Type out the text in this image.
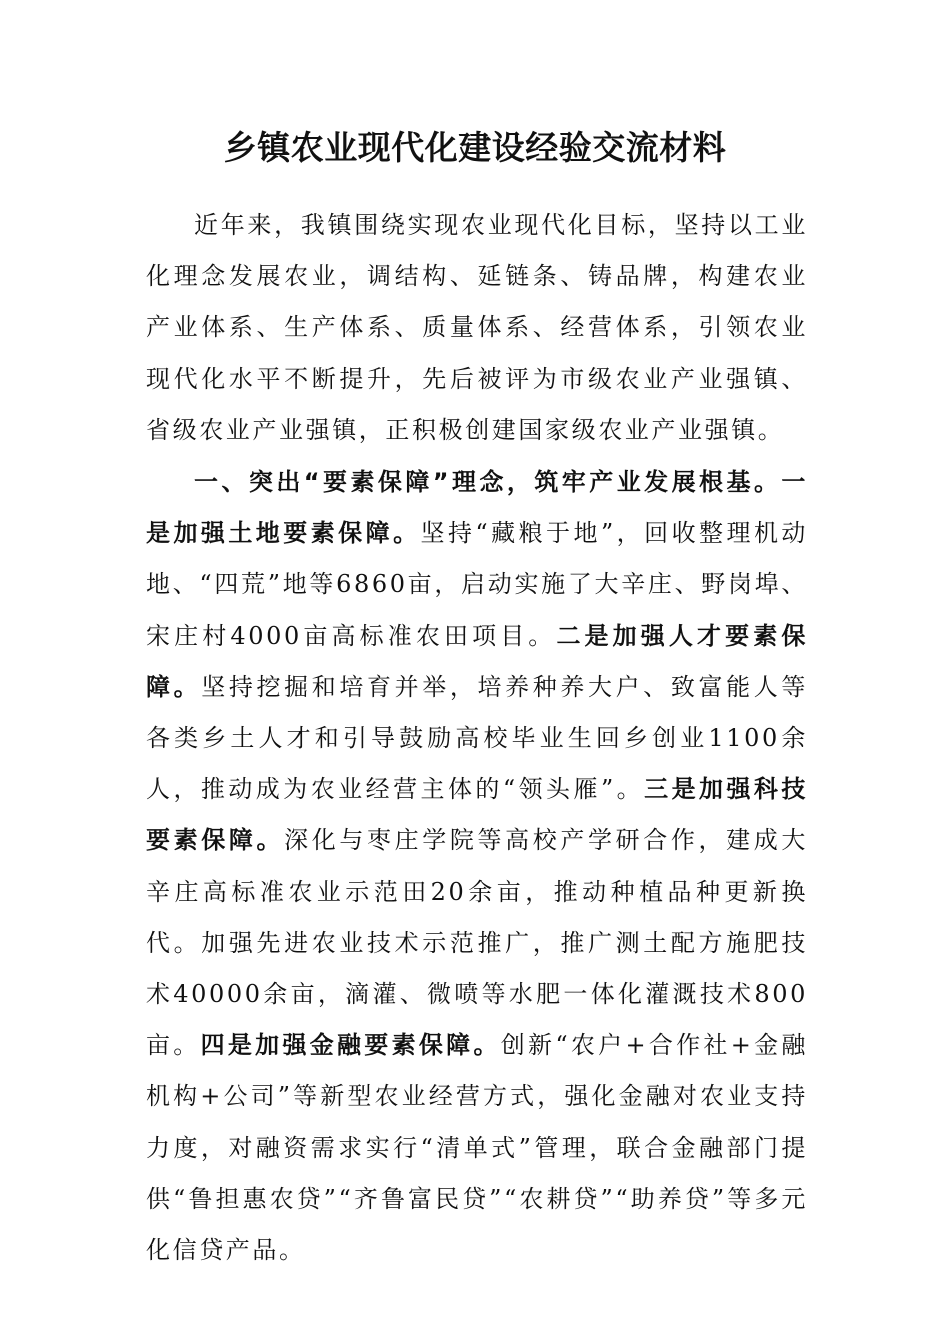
乡镇农业现代化建设经验交流材料

近年来，我镇围绕实现农业现代化目标，坚持以工业化理念发展农业，调结构、延链条、铸品牌，构建农业产业体系、生产体系、质量体系、经营体系，引领农业现代化水平不断提升，先后被评为市级农业产业强镇、省级农业产业强镇，正积极创建国家级农业产业强镇。

一、突出“要素保障”理念，筑牢产业发展根基。一是加强土地要素保障。坚持“藏粮于地”，回收整理机动地、“四荒”地等6860亩，启动实施了大辛庄、野岗埠、宋庄村4000亩高标准农田项目。二是加强人才要素保障。坚持挖掘和培育并举，培养种养大户、致富能人等各类乡土人才和引导鼓励高校毕业生回乡创业1100余人，推动成为农业经营主体的“领头雁”。三是加强科技要素保障。深化与枣庄学院等高校产学研合作，建成大辛庄高标准农业示范田20余亩，推动种植品种更新换代。加强先进农业技术示范推广，推广测土配方施肥技术40000余亩，滴灌、微喷等水肥一体化灌溉技术800亩。四是加强金融要素保障。创新“农户+合作社+金融机构+公司”等新型农业经营方式，强化金融对农业支持力度，对融资需求实行“清单式”管理，联合金融部门提供“鲁担惠农贷”“齐鲁富民贷”“农耕贷”“助养贷”等多元化信贷产品。
